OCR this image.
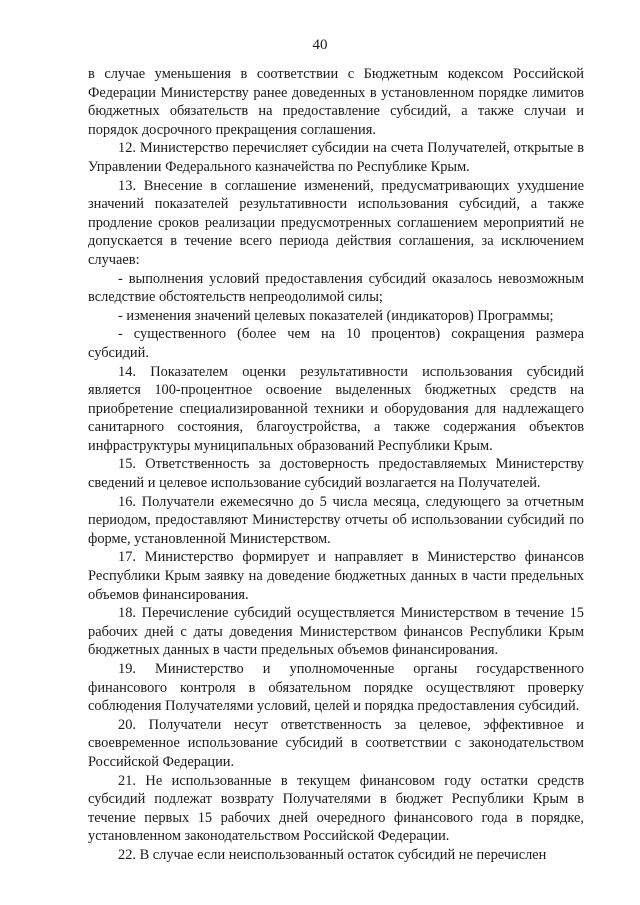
40

в случае уменьшения в соответствии с Бюджетным кодексом Российской Федерации Министерству ранее доведенных в установленном порядке лимитов бюджетных обязательств на предоставление субсидий, а также случаи и порядок досрочного прекращения соглашения.

12. Министерство перечисляет субсидии на счета Получателей, открытые в Управлении Федерального казначейства по Республике Крым.

13. Внесение в соглашение изменений, предусматривающих ухудшение значений показателей результативности использования субсидий, а также продление сроков реализации предусмотренных соглашением мероприятий не допускается в течение всего периода действия соглашения, за исключением случаев:

- выполнения условий предоставления субсидий оказалось невозможным вследствие обстоятельств непреодолимой силы;

- изменения значений целевых показателей (индикаторов) Программы;

- существенного (более чем на 10 процентов) сокращения размера субсидий.

14. Показателем оценки результативности использования субсидий является 100-процентное освоение выделенных бюджетных средств на приобретение специализированной техники и оборудования для надлежащего санитарного состояния, благоустройства, а также содержания объектов инфраструктуры муниципальных образований Республики Крым.

15. Ответственность за достоверность предоставляемых Министерству сведений и целевое использование субсидий возлагается на Получателей.

16. Получатели ежемесячно до 5 числа месяца, следующего за отчетным периодом, предоставляют Министерству отчеты об использовании субсидий по форме, установленной Министерством.

17. Министерство формирует и направляет в Министерство финансов Республики Крым заявку на доведение бюджетных данных в части предельных объемов финансирования.

18. Перечисление субсидий осуществляется Министерством в течение 15 рабочих дней с даты доведения Министерством финансов Республики Крым бюджетных данных в части предельных объемов финансирования.

19. Министерство и уполномоченные органы государственного финансового контроля в обязательном порядке осуществляют проверку соблюдения Получателями условий, целей и порядка предоставления субсидий.

20. Получатели несут ответственность за целевое, эффективное и своевременное использование субсидий в соответствии с законодательством Российской Федерации.

21. Не использованные в текущем финансовом году остатки средств субсидий подлежат возврату Получателями в бюджет Республики Крым в течение первых 15 рабочих дней очередного финансового года в порядке, установленном законодательством Российской Федерации.

22. В случае если неиспользованный остаток субсидий не перечислен
